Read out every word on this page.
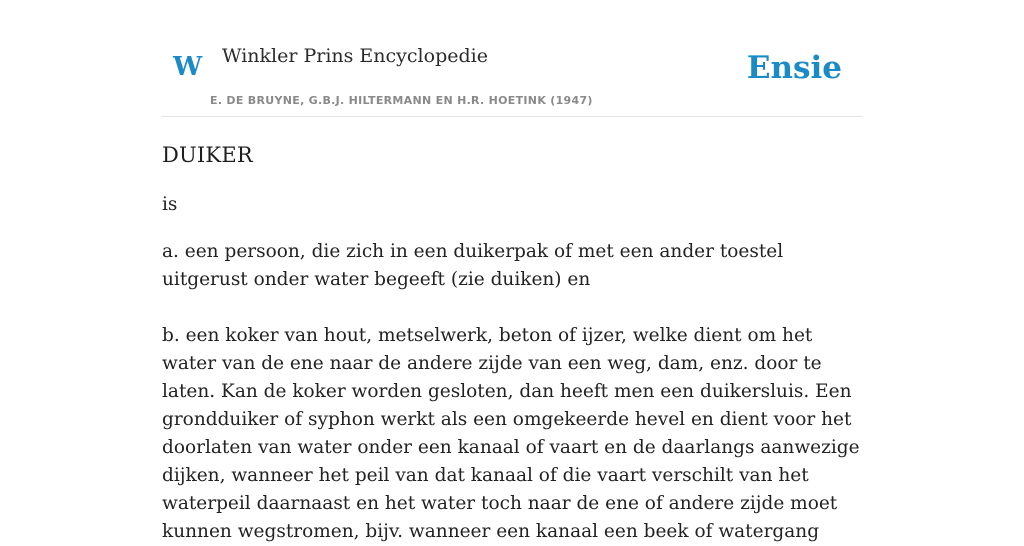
W Winkler Prins Encyclopedie
E. DE BRUYNE, G.B.J. HILTERMANN EN H.R. HOETINK (1947)
Ensie
DUIKER

is

a. een persoon, die zich in een duikerpak of met een ander toestel uitgerust onder water begeeft (zie duiken) en

b. een koker van hout, metselwerk, beton of ijzer, welke dient om het water van de ene naar de andere zijde van een weg, dam, enz. door te laten. Kan de koker worden gesloten, dan heeft men een duikersluis. Een grondduiker of syphon werkt als een omgekeerde hevel en dient voor het doorlaten van water onder een kanaal of vaart en de daarlangs aanwezige dijken, wanneer het peil van dat kanaal of die vaart verschilt van het waterpeil daarnaast en het water toch naar de ene of andere zijde moet kunnen wegstromen, bijv. wanneer een kanaal een beek of watergang
